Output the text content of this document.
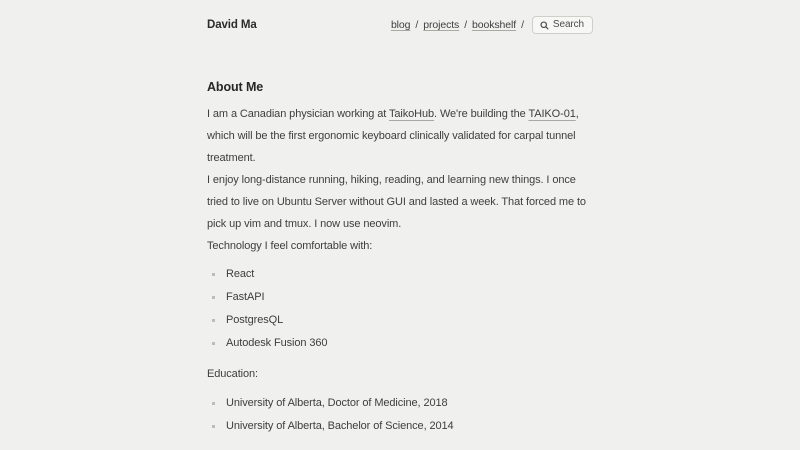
David Ma	blog / projects / bookshelf /	Search
About Me

I am a Canadian physician working at TaikoHub. We're building the TAIKO-01, which will be the first ergonomic keyboard clinically validated for carpal tunnel treatment.

I enjoy long-distance running, hiking, reading, and learning new things. I once tried to live on Ubuntu Server without GUI and lasted a week. That forced me to pick up vim and tmux. I now use neovim.

Technology I feel comfortable with:

React
FastAPI
PostgresQL
Autodesk Fusion 360

Education:

University of Alberta, Doctor of Medicine, 2018
University of Alberta, Bachelor of Science, 2014
